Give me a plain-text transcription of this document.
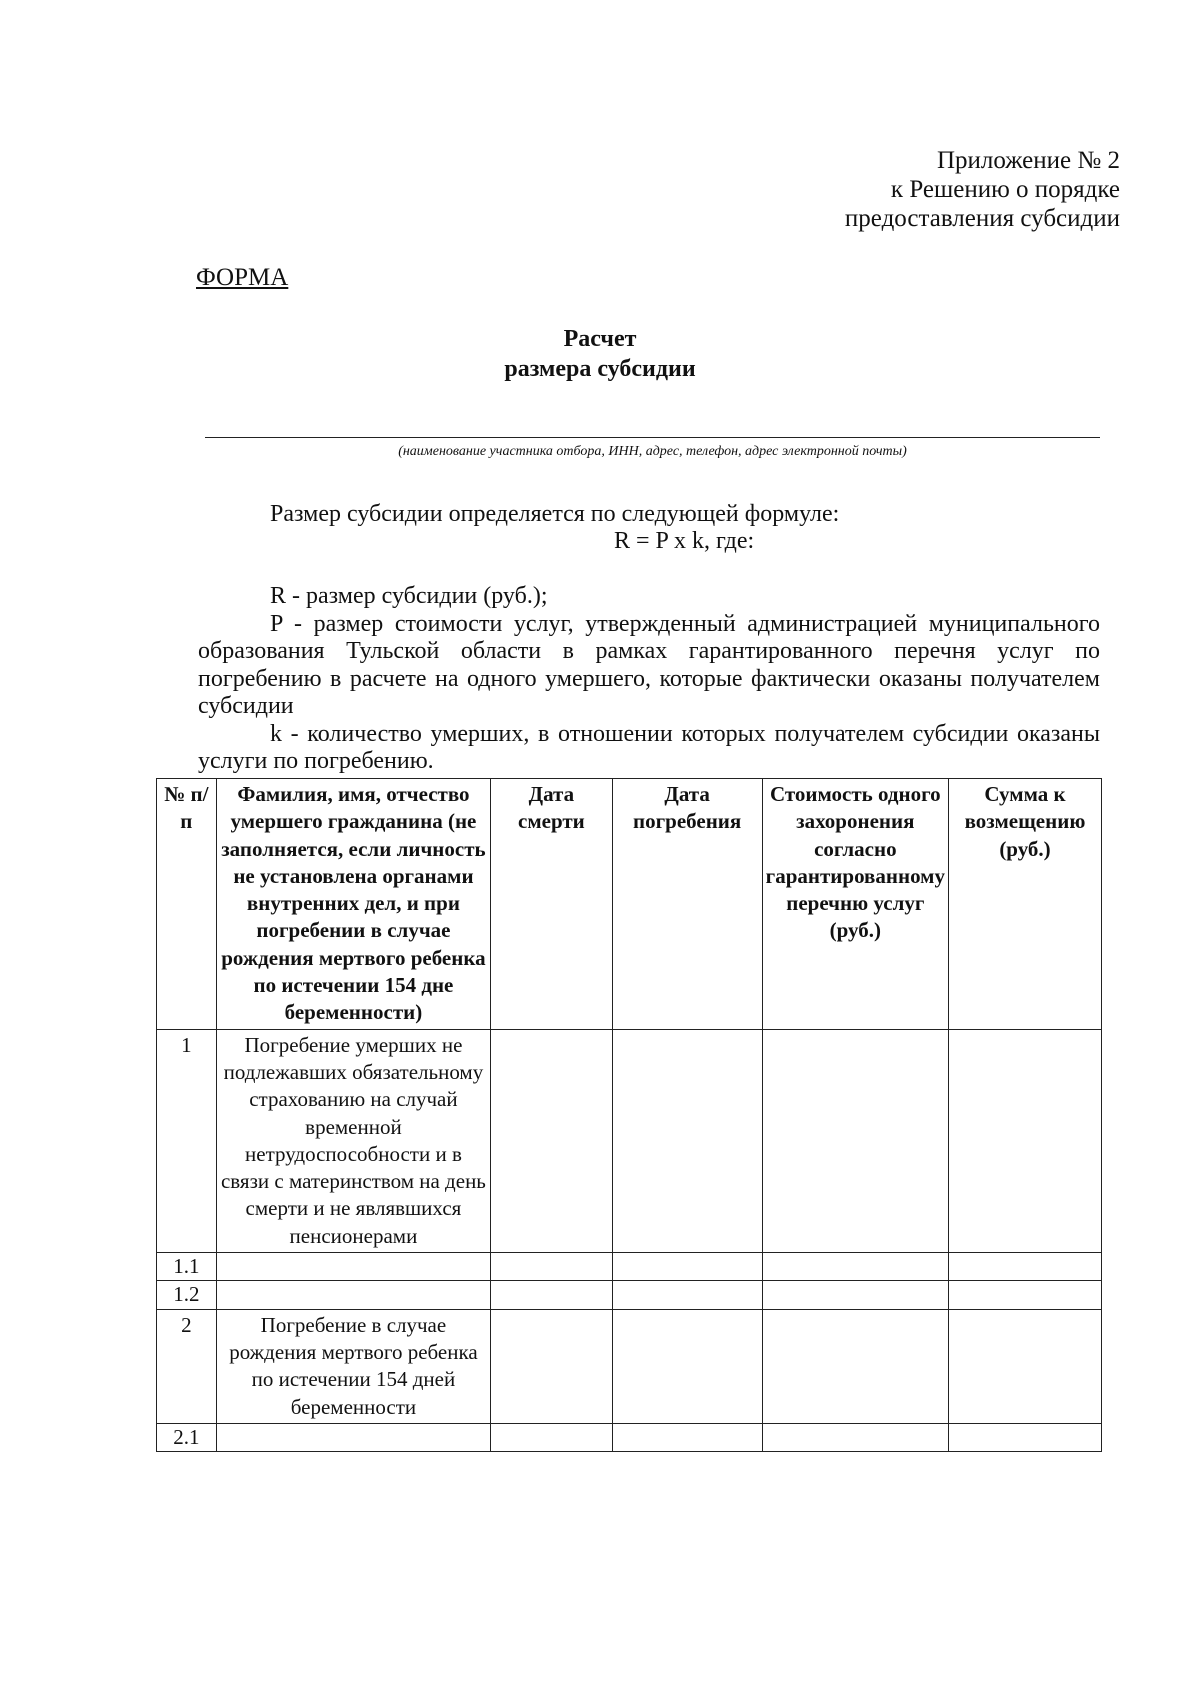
Приложение № 2
к Решению о порядке
предоставления субсидии
ФОРМА
Расчет
размера субсидии
(наименование участника отбора, ИНН, адрес, телефон, адрес электронной почты)
Размер субсидии определяется по следующей формуле:
R = P x k, где:

R - размер субсидии (руб.);

P - размер стоимости услуг, утвержденный администрацией муниципального образования Тульской области в рамках гарантированного перечня услуг по погребению в расчете на одного умершего, которые фактически оказаны получателем субсидии

k - количество умерших, в отношении которых получателем субсидии оказаны услуги по погребению.

№ п/п	Фамилия, имя, отчество умершего гражданина (не заполняется, если личность не установлена органами внутренних дел, и при погребении в случае рождения мертвого ребенка по истечении 154 дне беременности)	Дата смерти	Дата погребения	Стоимость одного захоронения согласно гарантированному перечню услуг (руб.)	Сумма к возмещению (руб.)
1	Погребение умерших не подлежавших обязательному страхованию на случай временной нетрудоспособности и в связи с материнством на день смерти и не являвшихся пенсионерами				
1.1					
1.2					
2	Погребение в случае рождения мертвого ребенка по истечении 154 дней беременности				
2.1					
